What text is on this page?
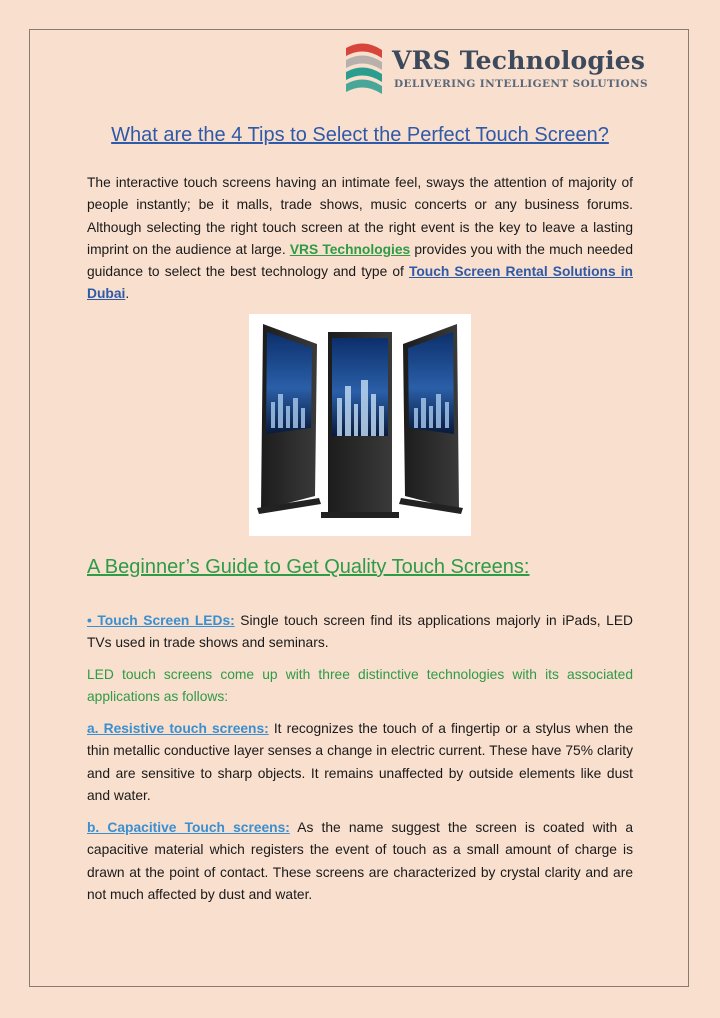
VRS Technologies
DELIVERING INTELLIGENT SOLUTIONS
What are the 4 Tips to Select the Perfect Touch Screen?

The interactive touch screens having an intimate feel, sways the attention of majority of people instantly; be it malls, trade shows, music concerts or any business forums. Although selecting the right touch screen at the right event is the key to leave a lasting imprint on the audience at large. VRS Technologies provides you with the much needed guidance to select the best technology and type of Touch Screen Rental Solutions in Dubai.

A Beginner’s Guide to Get Quality Touch Screens:

• Touch Screen LEDs: Single touch screen find its applications majorly in iPads, LED TVs used in trade shows and seminars.

LED touch screens come up with three distinctive technologies with its associated applications as follows:

a. Resistive touch screens: It recognizes the touch of a fingertip or a stylus when the thin metallic conductive layer senses a change in electric current. These have 75% clarity and are sensitive to sharp objects. It remains unaffected by outside elements like dust and water.

b. Capacitive Touch screens: As the name suggest the screen is coated with a capacitive material which registers the event of touch as a small amount of charge is drawn at the point of contact. These screens are characterized by crystal clarity and are not much affected by dust and water.
